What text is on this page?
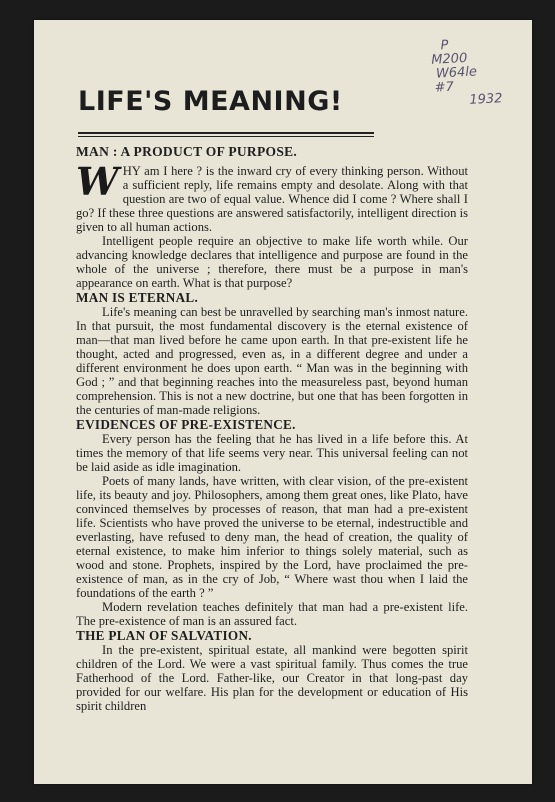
P
M200
W64le
#7
1932
LIFE'S MEANING!
MAN : A PRODUCT OF PURPOSE.

WHY am I here ? is the inward cry of every thinking person. Without a sufficient reply, life remains empty and desolate. Along with that question are two of equal value. Whence did I come ? Where shall I go? If these three questions are answered satisfactorily, intelligent direction is given to all human actions.

Intelligent people require an objective to make life worth while. Our advancing knowledge declares that intelligence and purpose are found in the whole of the universe ; therefore, there must be a purpose in man's appearance on earth. What is that purpose?

MAN IS ETERNAL.

Life's meaning can best be unravelled by searching man's inmost nature. In that pursuit, the most fundamental discovery is the eternal existence of man—that man lived before he came upon earth. In that pre-existent life he thought, acted and progressed, even as, in a different degree and under a different environment he does upon earth. “ Man was in the beginning with God ; ” and that beginning reaches into the measureless past, beyond human comprehension. This is not a new doctrine, but one that has been forgotten in the centuries of man-made religions.

EVIDENCES OF PRE-EXISTENCE.

Every person has the feeling that he has lived in a life before this. At times the memory of that life seems very near. This universal feeling can not be laid aside as idle imagination.

Poets of many lands, have written, with clear vision, of the pre-existent life, its beauty and joy. Philosophers, among them great ones, like Plato, have convinced themselves by processes of reason, that man had a pre-existent life. Scientists who have proved the universe to be eternal, indestructible and everlasting, have refused to deny man, the head of creation, the quality of eternal existence, to make him inferior to things solely material, such as wood and stone. Prophets, inspired by the Lord, have proclaimed the pre-existence of man, as in the cry of Job, “ Where wast thou when I laid the foundations of the earth ? ”

Modern revelation teaches definitely that man had a pre-existent life. The pre-existence of man is an assured fact.

THE PLAN OF SALVATION.

In the pre-existent, spiritual estate, all mankind were begotten spirit children of the Lord. We were a vast spiritual family. Thus comes the true Fatherhood of the Lord. Father-like, our Creator in that long-past day provided for our welfare. His plan for the development or education of His spirit children
